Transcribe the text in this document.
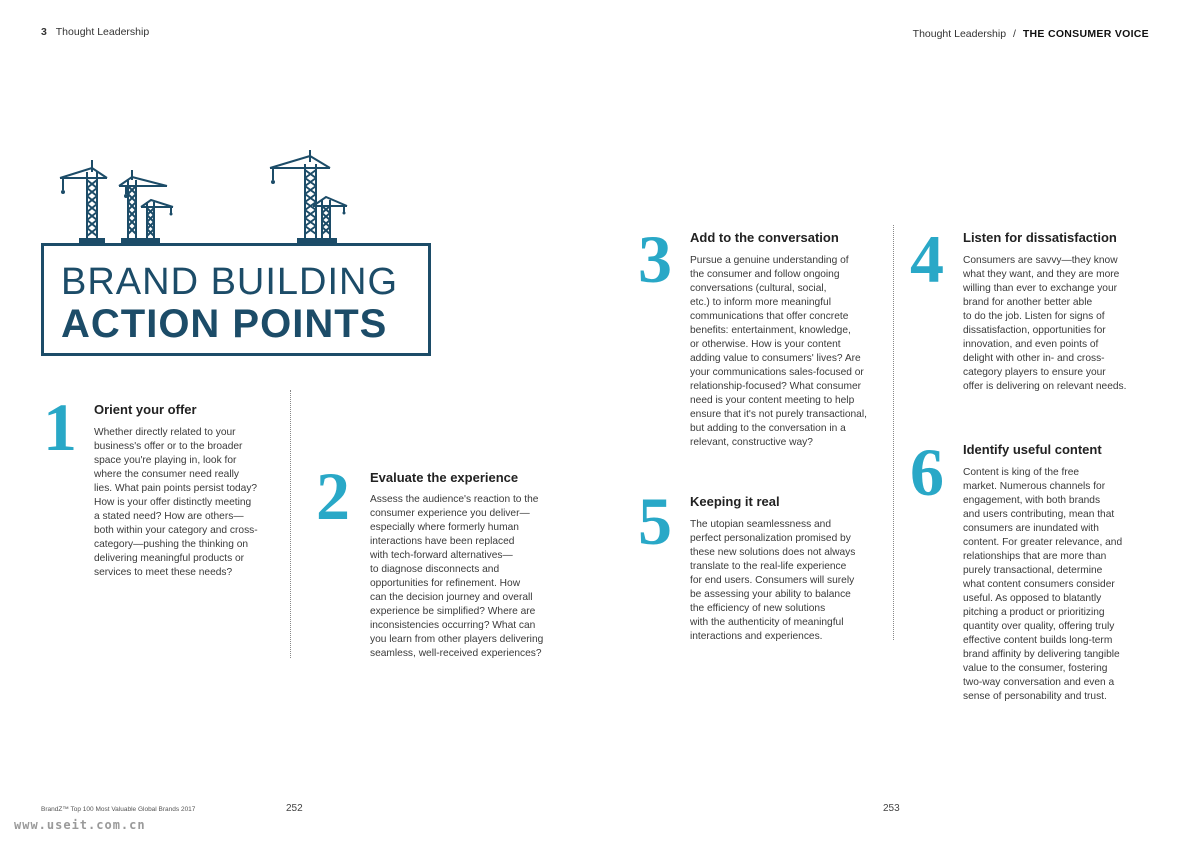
3 Thought Leadership	Thought Leadership / THE CONSUMER VOICE
BRAND BUILDING
ACTION POINTS
1 Orient your offer
Whether directly related to your
business's offer or to the broader
space you're playing in, look for
where the consumer need really
lies. What pain points persist today?
How is your offer distinctly meeting
a stated need? How are others—
both within your category and cross-
category—pushing the thinking on
delivering meaningful products or
services to meet these needs?
2 Evaluate the experience
Assess the audience's reaction to the
consumer experience you deliver—
especially where formerly human
interactions have been replaced
with tech-forward alternatives—
to diagnose disconnects and
opportunities for refinement. How
can the decision journey and overall
experience be simplified? Where are
inconsistencies occurring? What can
you learn from other players delivering
seamless, well-received experiences?
3 Add to the conversation
Pursue a genuine understanding of
the consumer and follow ongoing
conversations (cultural, social,
etc.) to inform more meaningful
communications that offer concrete
benefits: entertainment, knowledge,
or otherwise. How is your content
adding value to consumers' lives? Are
your communications sales-focused or
relationship-focused? What consumer
need is your content meeting to help
ensure that it's not purely transactional,
but adding to the conversation in a
relevant, constructive way?
4 Listen for dissatisfaction
Consumers are savvy—they know
what they want, and they are more
willing than ever to exchange your
brand for another better able
to do the job. Listen for signs of
dissatisfaction, opportunities for
innovation, and even points of
delight with other in- and cross-
category players to ensure your
offer is delivering on relevant needs.
5 Keeping it real
The utopian seamlessness and
perfect personalization promised by
these new solutions does not always
translate to the real-life experience
for end users. Consumers will surely
be assessing your ability to balance
the efficiency of new solutions
with the authenticity of meaningful
interactions and experiences.
6 Identify useful content
Content is king of the free
market. Numerous channels for
engagement, with both brands
and users contributing, mean that
consumers are inundated with
content. For greater relevance, and
relationships that are more than
purely transactional, determine
what content consumers consider
useful. As opposed to blatantly
pitching a product or prioritizing
quantity over quality, offering truly
effective content builds long-term
brand affinity by delivering tangible
value to the consumer, fostering
two-way conversation and even a
sense of personability and trust.
BrandZ™ Top 100 Most Valuable Global Brands 2017	252	253
www.useit.com.cn
